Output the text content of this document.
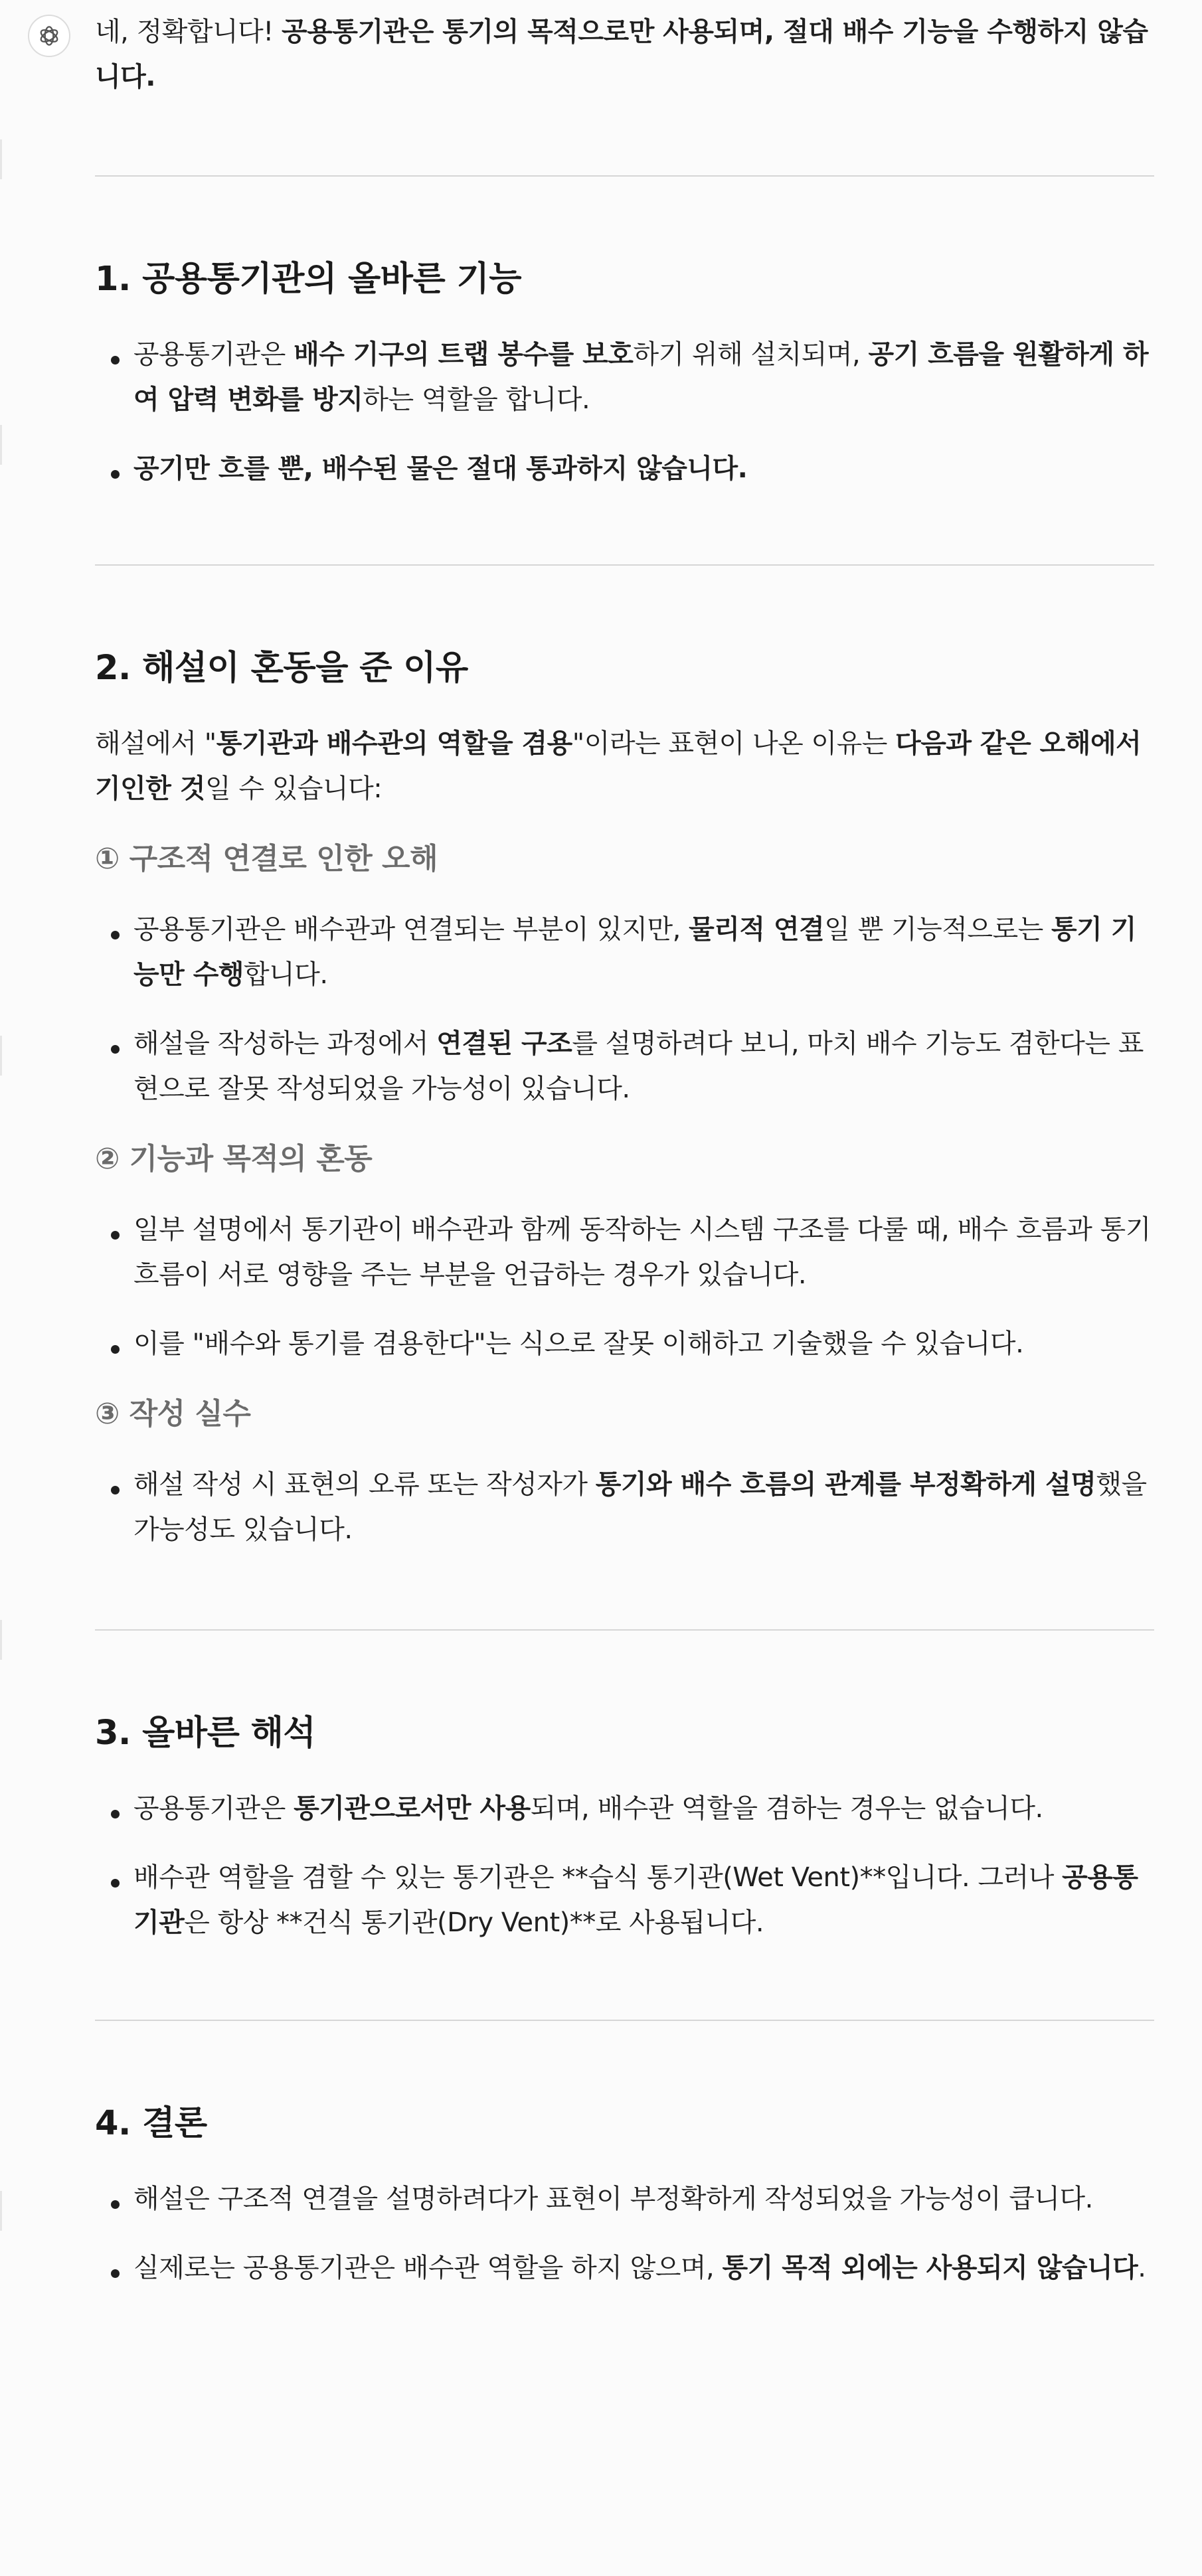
네, 정확합니다! 공용통기관은 통기의 목적으로만 사용되며, 절대 배수 기능을 수행하지 않습니다.

1. 공용통기관의 올바른 기능
공용통기관은 배수 기구의 트랩 봉수를 보호하기 위해 설치되며, 공기 흐름을 원활하게 하여 압력 변화를 방지하는 역할을 합니다.
공기만 흐를 뿐, 배수된 물은 절대 통과하지 않습니다.
2. 해설이 혼동을 준 이유

해설에서 "통기관과 배수관의 역할을 겸용"이라는 표현이 나온 이유는 다음과 같은 오해에서 기인한 것일 수 있습니다:

① 구조적 연결로 인한 오해
공용통기관은 배수관과 연결되는 부분이 있지만, 물리적 연결일 뿐 기능적으로는 통기 기능만 수행합니다.
해설을 작성하는 과정에서 연결된 구조를 설명하려다 보니, 마치 배수 기능도 겸한다는 표현으로 잘못 작성되었을 가능성이 있습니다.
② 기능과 목적의 혼동
일부 설명에서 통기관이 배수관과 함께 동작하는 시스템 구조를 다룰 때, 배수 흐름과 통기 흐름이 서로 영향을 주는 부분을 언급하는 경우가 있습니다.
이를 "배수와 통기를 겸용한다"는 식으로 잘못 이해하고 기술했을 수 있습니다.
③ 작성 실수
해설 작성 시 표현의 오류 또는 작성자가 통기와 배수 흐름의 관계를 부정확하게 설명했을 가능성도 있습니다.
3. 올바른 해석
공용통기관은 통기관으로서만 사용되며, 배수관 역할을 겸하는 경우는 없습니다.
배수관 역할을 겸할 수 있는 통기관은 **습식 통기관(Wet Vent)**입니다. 그러나 공용통기관은 항상 **건식 통기관(Dry Vent)**로 사용됩니다.
4. 결론
해설은 구조적 연결을 설명하려다가 표현이 부정확하게 작성되었을 가능성이 큽니다.
실제로는 공용통기관은 배수관 역할을 하지 않으며, 통기 목적 외에는 사용되지 않습니다.
